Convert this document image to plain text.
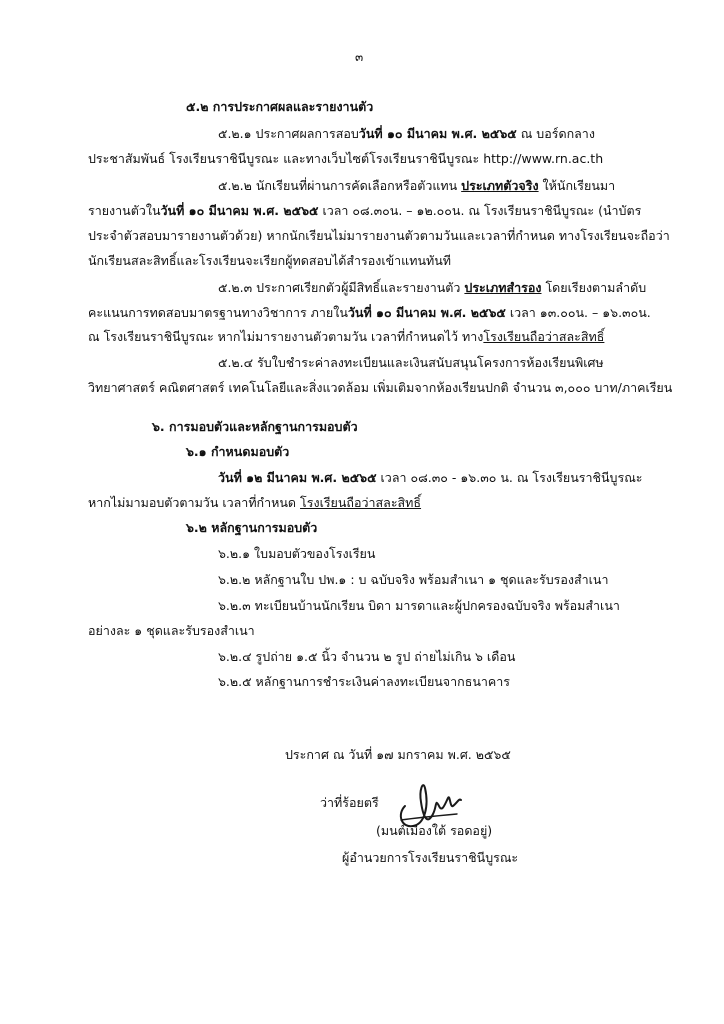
๓
๕.๒ การประกาศผลและรายงานตัว
๕.๒.๑ ประกาศผลการสอบวันที่ ๑๐ มีนาคม พ.ศ. ๒๕๖๕ ณ บอร์ดกลาง
ประชาสัมพันธ์ โรงเรียนราชินีบูรณะ และทางเว็บไซต์โรงเรียนราชินีบูรณะ http://www.rn.ac.th
๕.๒.๒ นักเรียนที่ผ่านการคัดเลือกหรือตัวแทน ประเภทตัวจริง ให้นักเรียนมา
รายงานตัวในวันที่ ๑๐ มีนาคม พ.ศ. ๒๕๖๕ เวลา ๐๘.๓๐น. – ๑๒.๐๐น. ณ โรงเรียนราชินีบูรณะ (นำบัตร
ประจำตัวสอบมารายงานตัวด้วย) หากนักเรียนไม่มารายงานตัวตามวันและเวลาที่กำหนด ทางโรงเรียนจะถือว่า
นักเรียนสละสิทธิ์และโรงเรียนจะเรียกผู้ทดสอบได้สำรองเข้าแทนทันที
๕.๒.๓ ประกาศเรียกตัวผู้มีสิทธิ์และรายงานตัว ประเภทสำรอง โดยเรียงตามลำดับ
คะแนนการทดสอบมาตรฐานทางวิชาการ ภายในวันที่ ๑๐ มีนาคม พ.ศ. ๒๕๖๕ เวลา ๑๓.๐๐น. – ๑๖.๓๐น.
ณ โรงเรียนราชินีบูรณะ หากไม่มารายงานตัวตามวัน เวลาที่กำหนดไว้ ทางโรงเรียนถือว่าสละสิทธิ์
๕.๒.๔ รับใบชำระค่าลงทะเบียนและเงินสนับสนุนโครงการห้องเรียนพิเศษ
วิทยาศาสตร์ คณิตศาสตร์ เทคโนโลยีและสิ่งแวดล้อม เพิ่มเติมจากห้องเรียนปกติ จำนวน ๓,๐๐๐ บาท/ภาคเรียน
๖. การมอบตัวและหลักฐานการมอบตัว
๖.๑ กำหนดมอบตัว
วันที่ ๑๒ มีนาคม พ.ศ. ๒๕๖๕ เวลา ๐๘.๓๐ - ๑๖.๓๐ น. ณ โรงเรียนราชินีบูรณะ
หากไม่มามอบตัวตามวัน เวลาที่กำหนด โรงเรียนถือว่าสละสิทธิ์
๖.๒ หลักฐานการมอบตัว
๖.๒.๑ ใบมอบตัวของโรงเรียน
๖.๒.๒ หลักฐานใบ ปพ.๑ : บ ฉบับจริง พร้อมสำเนา ๑ ชุดและรับรองสำเนา
๖.๒.๓ ทะเบียนบ้านนักเรียน บิดา มารดาและผู้ปกครองฉบับจริง พร้อมสำเนา
อย่างละ ๑ ชุดและรับรองสำเนา
๖.๒.๔ รูปถ่าย ๑.๕ นิ้ว จำนวน ๒ รูป ถ่ายไม่เกิน ๖ เดือน
๖.๒.๕ หลักฐานการชำระเงินค่าลงทะเบียนจากธนาคาร
ประกาศ ณ วันที่ ๑๗ มกราคม พ.ศ. ๒๕๖๕
ว่าที่ร้อยตรี
(มนต์เมืองใต้ รอดอยู่)
ผู้อำนวยการโรงเรียนราชินีบูรณะ
